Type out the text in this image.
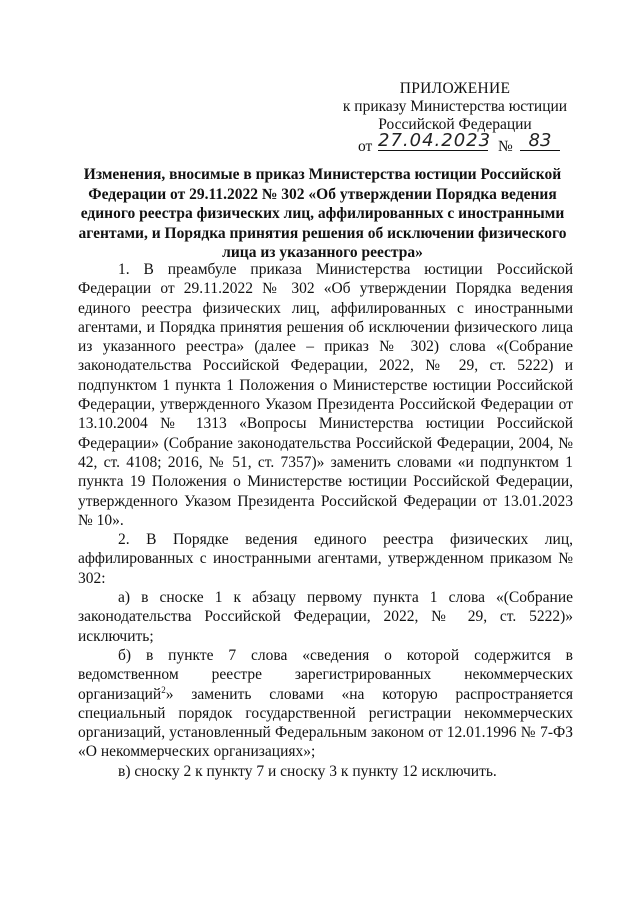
ПРИЛОЖЕНИЕ
к приказу Министерства юстиции
Российской Федерации
от 27.04.2023 № 83
Изменения, вносимые в приказ Министерства юстиции Российской Федерации от 29.11.2022 № 302 «Об утверждении Порядка ведения единого реестра физических лиц, аффилированных с иностранными агентами, и Порядка принятия решения об исключении физического лица из указанного реестра»

1. В преамбуле приказа Министерства юстиции Российской Федерации от 29.11.2022 № 302 «Об утверждении Порядка ведения единого реестра физических лиц, аффилированных с иностранными агентами, и Порядка принятия решения об исключении физического лица из указанного реестра» (далее – приказ № 302) слова «(Собрание законодательства Российской Федерации, 2022, № 29, ст. 5222) и подпунктом 1 пункта 1 Положения о Министерстве юстиции Российской Федерации, утвержденного Указом Президента Российской Федерации от 13.10.2004 № 1313 «Вопросы Министерства юстиции Российской Федерации» (Собрание законодательства Российской Федерации, 2004, № 42, ст. 4108; 2016, № 51, ст. 7357)» заменить словами «и подпунктом 1 пункта 19 Положения о Министерстве юстиции Российской Федерации, утвержденного Указом Президента Российской Федерации от 13.01.2023 № 10».

2. В Порядке ведения единого реестра физических лиц, аффилированных с иностранными агентами, утвержденном приказом № 302:

а) в сноске 1 к абзацу первому пункта 1 слова «(Собрание законодательства Российской Федерации, 2022, № 29, ст. 5222)» исключить;

б) в пункте 7 слова «сведения о которой содержится в ведомственном реестре зарегистрированных некоммерческих организаций$^2$» заменить словами «на которую распространяется специальный порядок государственной регистрации некоммерческих организаций, установленный Федеральным законом от 12.01.1996 № 7-ФЗ «О некоммерческих организациях»;

в) сноску 2 к пункту 7 и сноску 3 к пункту 12 исключить.
